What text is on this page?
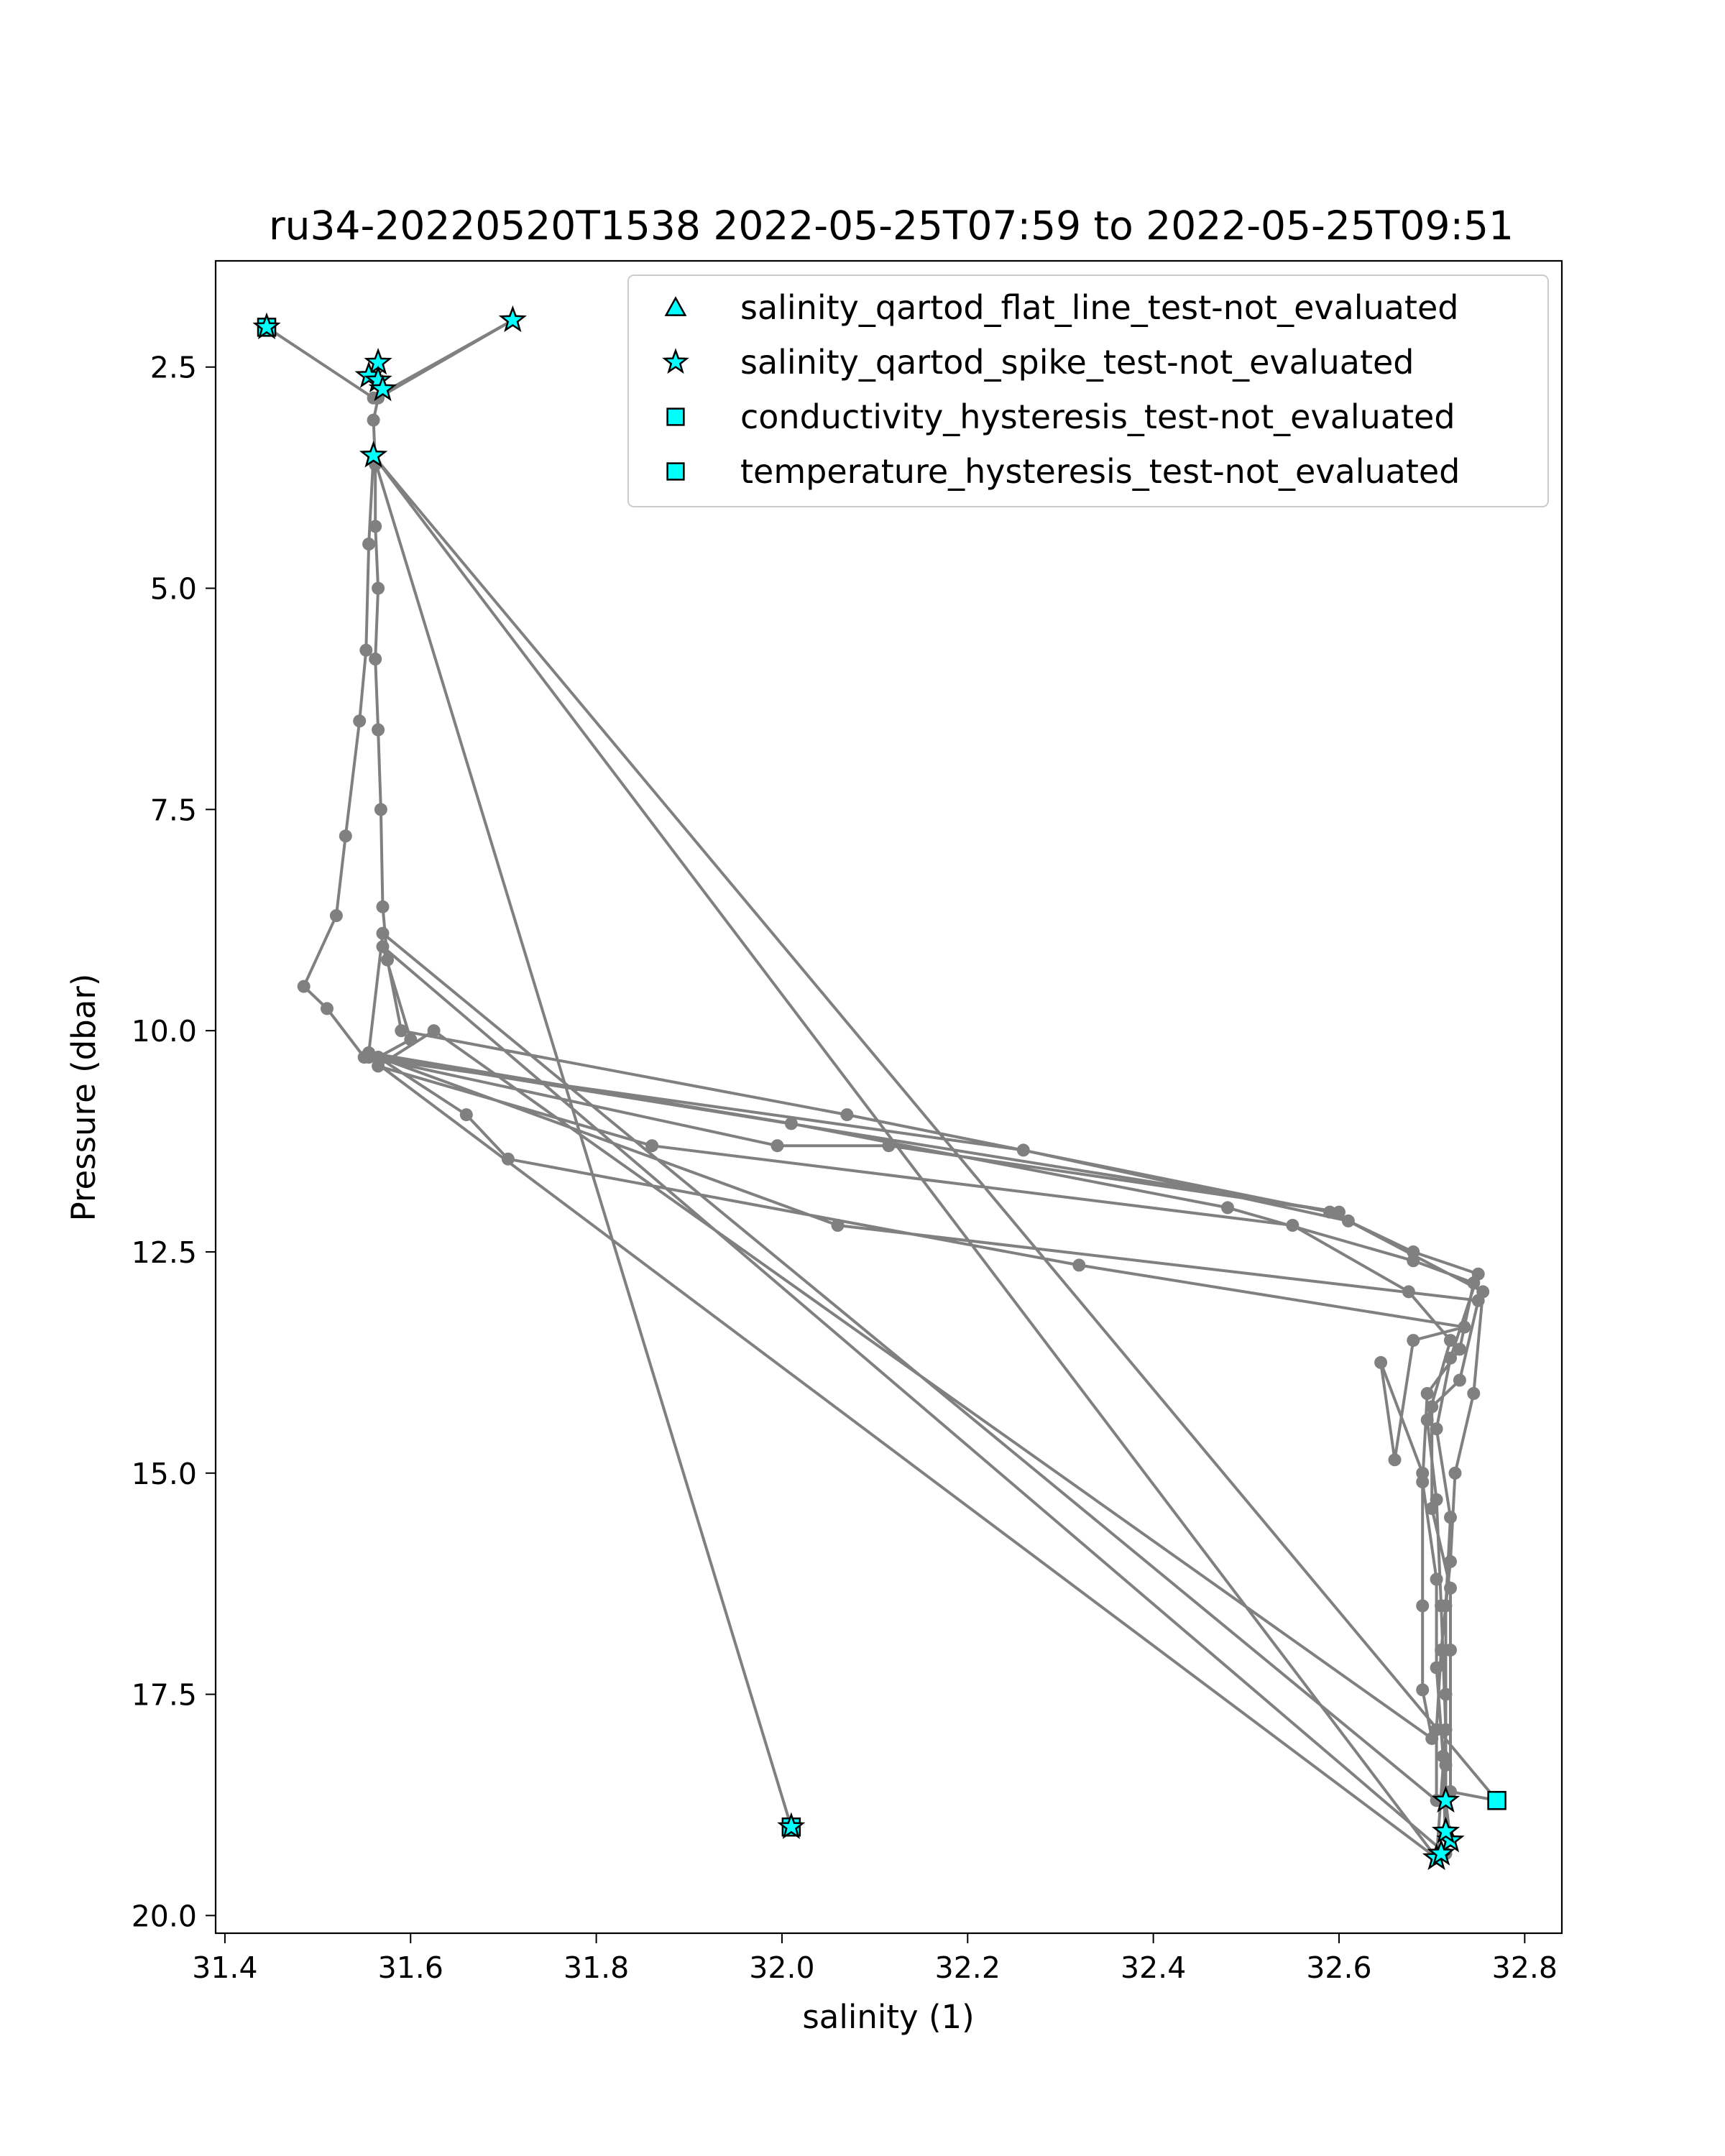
ru34-20220520T1538 2022-05-25T07:59 to 2022-05-25T09:51
31.4	31.6	31.8	32.0	32.2	32.4	32.6	32.8
2.5
5.0
7.5
10.0
12.5
15.0
17.5
20.0
salinity (1)
Pressure (dbar)
salinity_qartod_flat_line_test-not_evaluated
salinity_qartod_spike_test-not_evaluated
conductivity_hysteresis_test-not_evaluated
temperature_hysteresis_test-not_evaluated
